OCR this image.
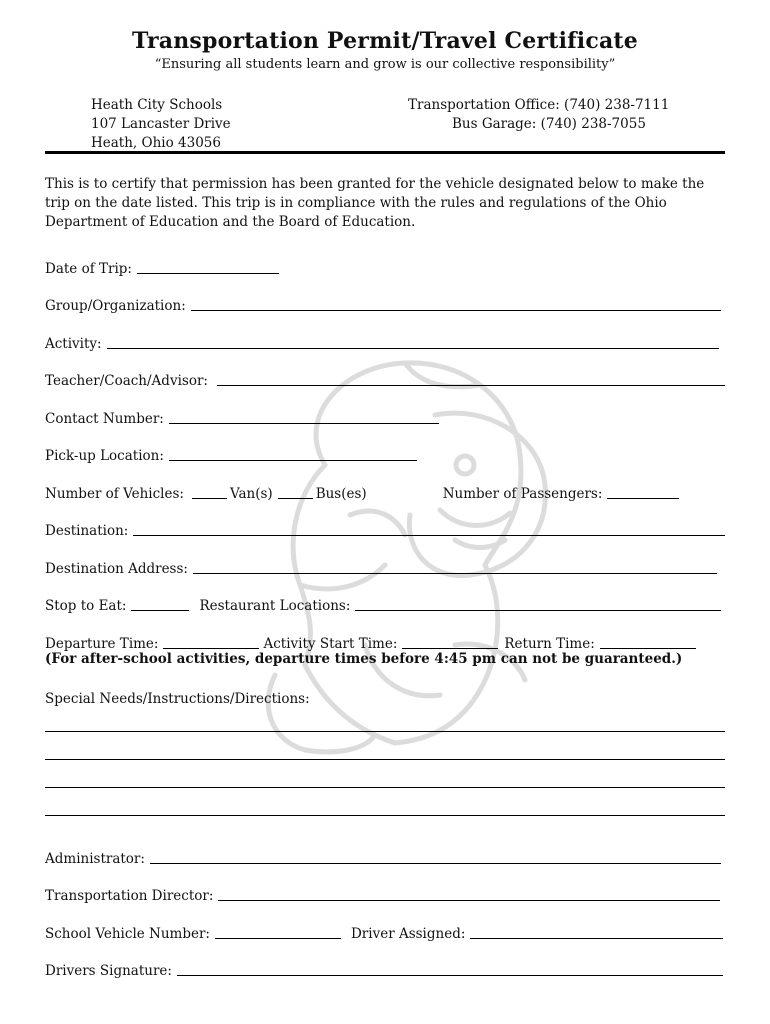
Transportation Permit/Travel Certificate
“Ensuring all students learn and grow is our collective responsibility”
Heath City Schools
107 Lancaster Drive
Heath, Ohio 43056
Transportation Office: (740) 238-7111
Bus Garage: (740) 238-7055
This is to certify that permission has been granted for the vehicle designated below to make the trip on the date listed. This trip is in compliance with the rules and regulations of the Ohio Department of Education and the Board of Education.
Date of Trip:
Group/Organization:
Activity:
Teacher/Coach/Advisor:
Contact Number:
Pick-up Location:
Number of Vehicles:	Van(s)	Bus(es)	Number of Passengers:
Destination:
Destination Address:
Stop to Eat:	Restaurant Locations:
Departure Time:	Activity Start Time:	Return Time:
(For after-school activities, departure times before 4:45 pm can not be guaranteed.)
Special Needs/Instructions/Directions:
Administrator:
Transportation Director:
School Vehicle Number:	Driver Assigned:
Drivers Signature:
